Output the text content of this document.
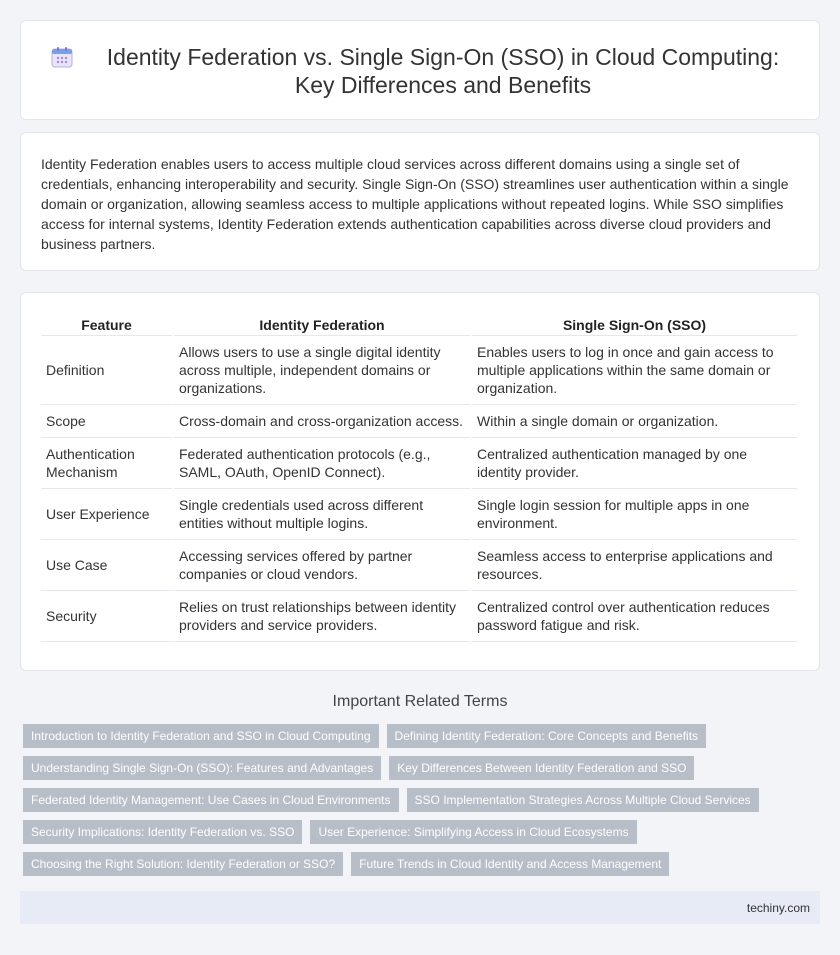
Identity Federation vs. Single Sign-On (SSO) in Cloud Computing: Key Differences and Benefits

Identity Federation enables users to access multiple cloud services across different domains using a single set of credentials, enhancing interoperability and security. Single Sign-On (SSO) streamlines user authentication within a single domain or organization, allowing seamless access to multiple applications without repeated logins. While SSO simplifies access for internal systems, Identity Federation extends authentication capabilities across diverse cloud providers and business partners.

Feature	Identity Federation	Single Sign-On (SSO)
Definition	Allows users to use a single digital identity across multiple, independent domains or organizations.	Enables users to log in once and gain access to multiple applications within the same domain or organization.
Scope	Cross-domain and cross-organization access.	Within a single domain or organization.
Authentication Mechanism	Federated authentication protocols (e.g., SAML, OAuth, OpenID Connect).	Centralized authentication managed by one identity provider.
User Experience	Single credentials used across different entities without multiple logins.	Single login session for multiple apps in one environment.
Use Case	Accessing services offered by partner companies or cloud vendors.	Seamless access to enterprise applications and resources.
Security	Relies on trust relationships between identity providers and service providers.	Centralized control over authentication reduces password fatigue and risk.
Important Related Terms
Introduction to Identity Federation and SSO in Cloud Computing	Defining Identity Federation: Core Concepts and Benefits
Understanding Single Sign-On (SSO): Features and Advantages	Key Differences Between Identity Federation and SSO
Federated Identity Management: Use Cases in Cloud Environments	SSO Implementation Strategies Across Multiple Cloud Services
Security Implications: Identity Federation vs. SSO	User Experience: Simplifying Access in Cloud Ecosystems
Choosing the Right Solution: Identity Federation or SSO?	Future Trends in Cloud Identity and Access Management
techiny.com
